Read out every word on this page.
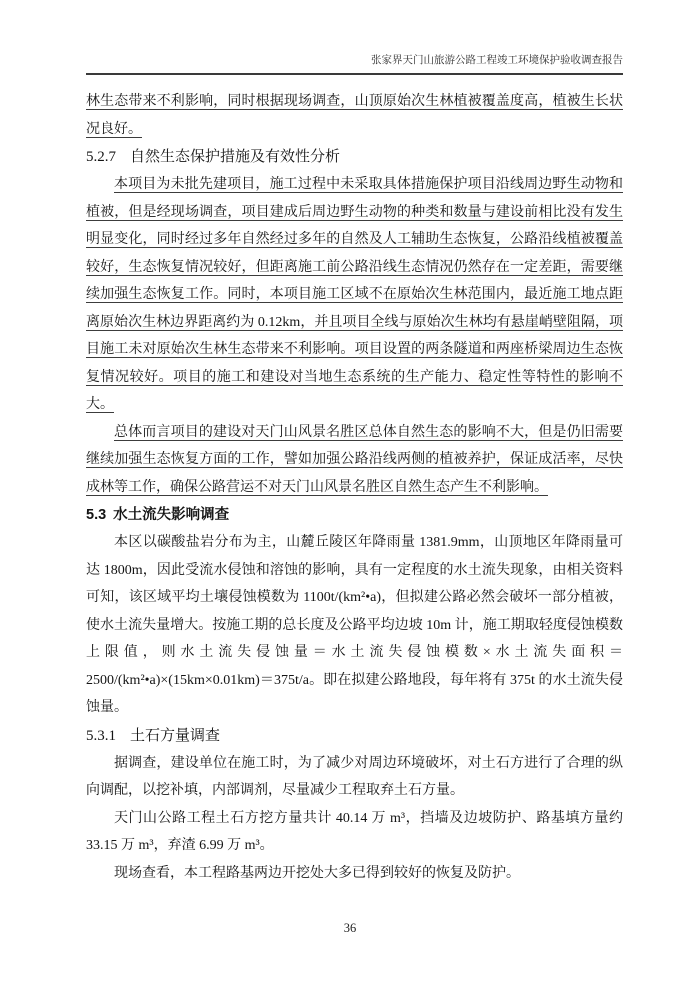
张家界天门山旅游公路工程竣工环境保护验收调查报告

林生态带来不利影响，同时根据现场调查，山顶原始次生林植被覆盖度高，植被生长状况良好。

5.2.7 自然生态保护措施及有效性分析

本项目为未批先建项目，施工过程中未采取具体措施保护项目沿线周边野生动物和植被，但是经现场调查，项目建成后周边野生动物的种类和数量与建设前相比没有发生明显变化，同时经过多年自然经过多年的自然及人工辅助生态恢复，公路沿线植被覆盖较好，生态恢复情况较好，但距离施工前公路沿线生态情况仍然存在一定差距，需要继续加强生态恢复工作。同时，本项目施工区域不在原始次生林范围内，最近施工地点距离原始次生林边界距离约为 0.12km，并且项目全线与原始次生林均有悬崖峭壁阻隔，项目施工未对原始次生林生态带来不利影响。项目设置的两条隧道和两座桥梁周边生态恢复情况较好。项目的施工和建设对当地生态系统的生产能力、稳定性等特性的影响不大。

总体而言项目的建设对天门山风景名胜区总体自然生态的影响不大，但是仍旧需要继续加强生态恢复方面的工作，譬如加强公路沿线两侧的植被养护，保证成活率，尽快成林等工作，确保公路营运不对天门山风景名胜区自然生态产生不利影响。

5.3 水土流失影响调查

本区以碳酸盐岩分布为主，山麓丘陵区年降雨量 1381.9mm，山顶地区年降雨量可达 1800m，因此受流水侵蚀和溶蚀的影响，具有一定程度的水土流失现象，由相关资料可知，该区域平均土壤侵蚀模数为 1100t/(km²•a)，但拟建公路必然会破坏一部分植被，使水土流失量增大。按施工期的总长度及公路平均边坡 10m 计，施工期取轻度侵蚀模数上限值，则水土流失侵蚀量＝水土流失侵蚀模数×水土流失面积＝2500/(km²•a)×(15km×0.01km)＝375t/a。即在拟建公路地段，每年将有 375t 的水土流失侵蚀量。

5.3.1 土石方量调查

据调查，建设单位在施工时，为了减少对周边环境破坏，对土石方进行了合理的纵向调配，以挖补填，内部调剂，尽量减少工程取弃土石方量。

天门山公路工程土石方挖方量共计 40.14 万 m³，挡墙及边坡防护、路基填方量约 33.15 万 m³，弃渣 6.99 万 m³。

现场查看，本工程路基两边开挖处大多已得到较好的恢复及防护。

36
